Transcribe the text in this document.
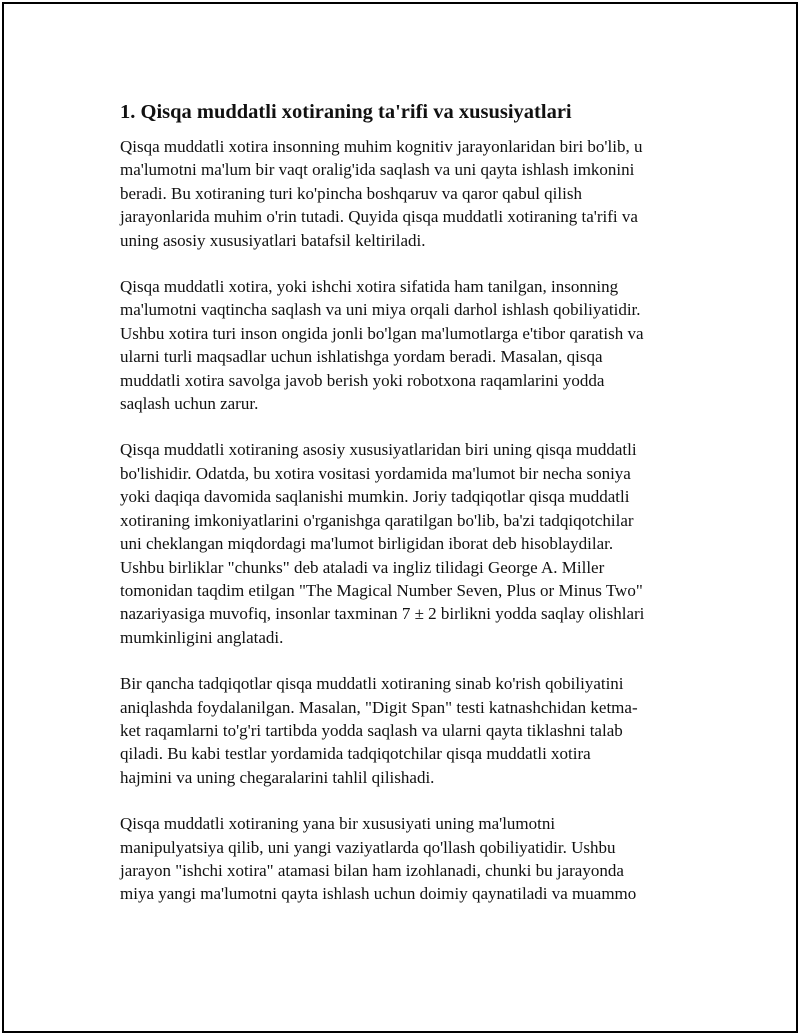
1. Qisqa muddatli xotiraning ta'rifi va xususiyatlari
Qisqa muddatli xotira insonning muhim kognitiv jarayonlaridan biri bo'lib, u
ma'lumotni ma'lum bir vaqt oralig'ida saqlash va uni qayta ishlash imkonini
beradi. Bu xotiraning turi ko'pincha boshqaruv va qaror qabul qilish
jarayonlarida muhim o'rin tutadi. Quyida qisqa muddatli xotiraning ta'rifi va
uning asosiy xususiyatlari batafsil keltiriladi.
Qisqa muddatli xotira, yoki ishchi xotira sifatida ham tanilgan, insonning
ma'lumotni vaqtincha saqlash va uni miya orqali darhol ishlash qobiliyatidir.
Ushbu xotira turi inson ongida jonli bo'lgan ma'lumotlarga e'tibor qaratish va
ularni turli maqsadlar uchun ishlatishga yordam beradi. Masalan, qisqa
muddatli xotira savolga javob berish yoki robotxona raqamlarini yodda
saqlash uchun zarur.
Qisqa muddatli xotiraning asosiy xususiyatlaridan biri uning qisqa muddatli
bo'lishidir. Odatda, bu xotira vositasi yordamida ma'lumot bir necha soniya
yoki daqiqa davomida saqlanishi mumkin. Joriy tadqiqotlar qisqa muddatli
xotiraning imkoniyatlarini o'rganishga qaratilgan bo'lib, ba'zi tadqiqotchilar
uni cheklangan miqdordagi ma'lumot birligidan iborat deb hisoblaydilar.
Ushbu birliklar "chunks" deb ataladi va ingliz tilidagi George A. Miller
tomonidan taqdim etilgan "The Magical Number Seven, Plus or Minus Two"
nazariyasiga muvofiq, insonlar taxminan 7 ± 2 birlikni yodda saqlay olishlari
mumkinligini anglatadi.
Bir qancha tadqiqotlar qisqa muddatli xotiraning sinab ko'rish qobiliyatini
aniqlashda foydalanilgan. Masalan, "Digit Span" testi katnashchidan ketma-
ket raqamlarni to'g'ri tartibda yodda saqlash va ularni qayta tiklashni talab
qiladi. Bu kabi testlar yordamida tadqiqotchilar qisqa muddatli xotira
hajmini va uning chegaralarini tahlil qilishadi.
Qisqa muddatli xotiraning yana bir xususiyati uning ma'lumotni
manipulyatsiya qilib, uni yangi vaziyatlarda qo'llash qobiliyatidir. Ushbu
jarayon "ishchi xotira" atamasi bilan ham izohlanadi, chunki bu jarayonda
miya yangi ma'lumotni qayta ishlash uchun doimiy qaynatiladi va muammo
